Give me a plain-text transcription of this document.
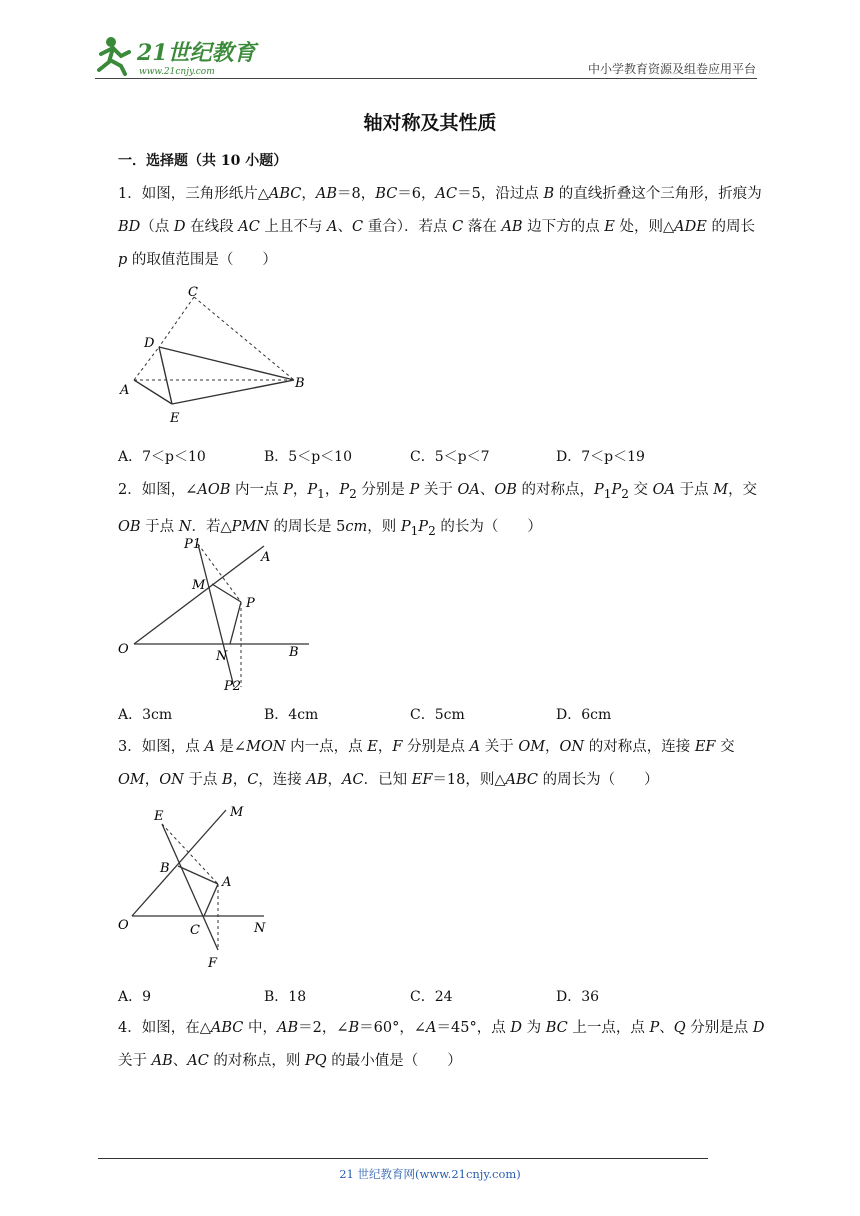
21世纪教育
www.21cnjy.com	中小学教育资源及组卷应用平台
轴对称及其性质
一．选择题（共 10 小题）
1．如图，三角形纸片△ABC，AB＝8，BC＝6，AC＝5，沿过点 B 的直线折叠这个三角形，折痕为 BD（点 D 在线段 AC 上且不与 A、C 重合）．若点 C 落在 AB 边下方的点 E 处，则△ADE 的周长 p 的取值范围是（　　）
C
D
A	B
E
A．7＜p＜10	B．5＜p＜10	C．5＜p＜7	D．7＜p＜19
2．如图，∠AOB 内一点 P，$P_1$，$P_2$ 分别是 P 关于 OA、OB 的对称点，$P_1P_2$ 交 OA 于点 M，交 OB 于点 N．若△PMN 的周长是 5cm，则 $P_1P_2$ 的长为（　　）
P1
A
M
P
O	N	B
P2
A．3cm	B．4cm	C．5cm	D．6cm
3．如图，点 A 是∠MON 内一点，点 E，F 分别是点 A 关于 OM，ON 的对称点，连接 EF 交 OM，ON 于点 B，C，连接 AB，AC．已知 EF＝18，则△ABC 的周长为（　　）
E	M
B
A
O	C	N
F
A．9	B．18	C．24	D．36
4．如图，在△ABC 中，AB＝2，∠B＝60°，∠A＝45°，点 D 为 BC 上一点，点 P、Q 分别是点 D 关于 AB、AC 的对称点，则 PQ 的最小值是（　　）
21 世纪教育网(www.21cnjy.com)
